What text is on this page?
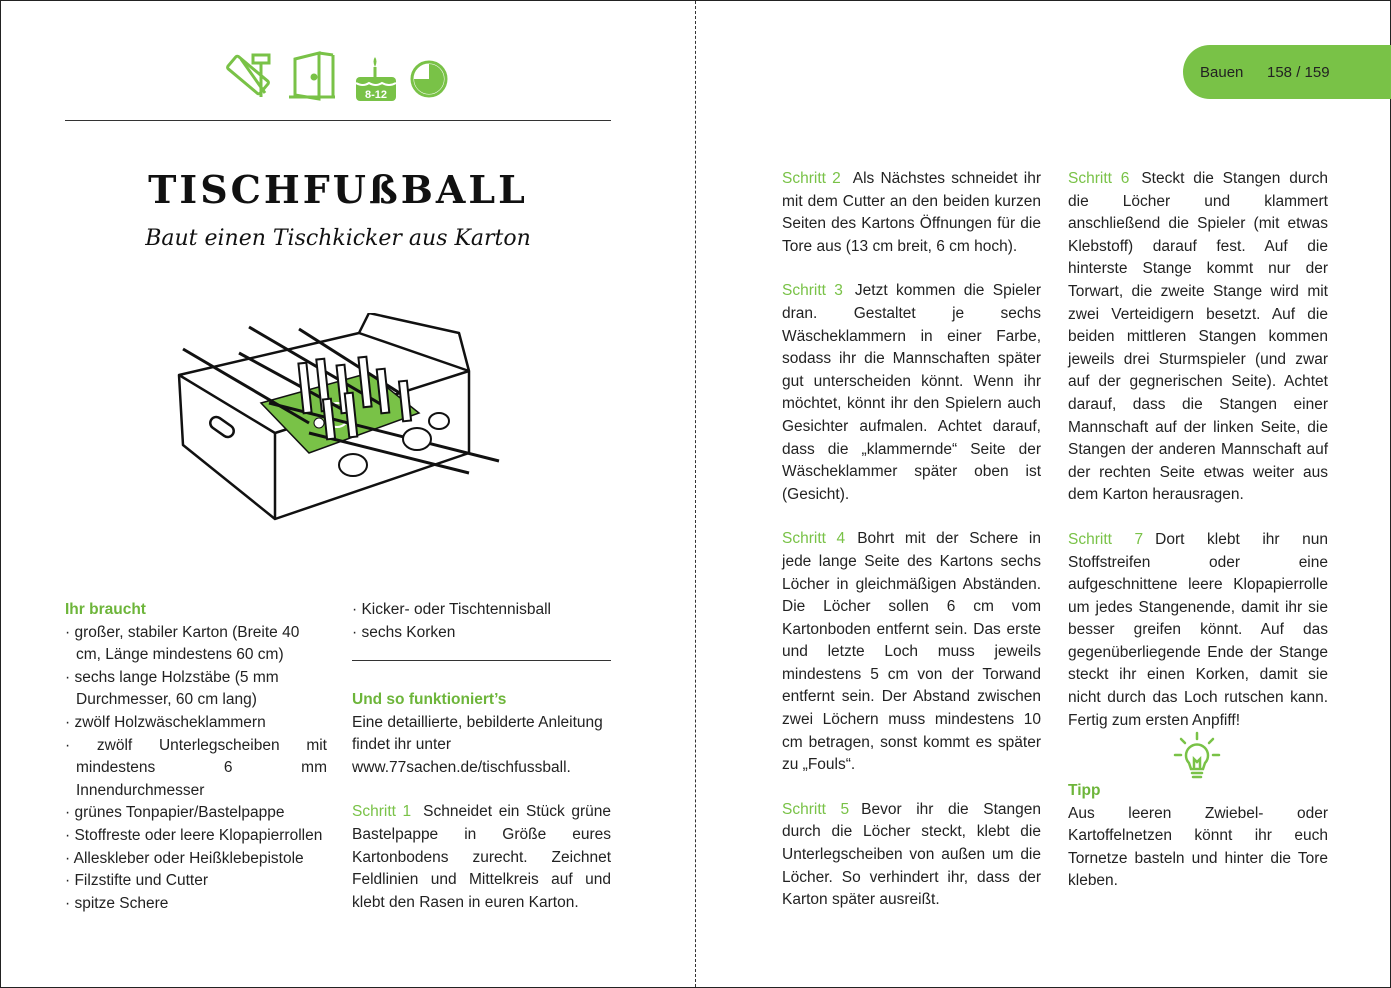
8-12
TISCHFUßBALL
Baut einen Tischkicker aus Karton

Ihr braucht

· großer, stabiler Karton (Breite 40 cm, Länge mindestens 60 cm)
· sechs lange Holzstäbe (5 mm Durchmesser, 60 cm lang)
· zwölf Holzwäscheklammern
· zwölf Unterlegscheiben mit mindestens 6 mm Innendurchmesser
· grünes Tonpapier/Bastelpappe
· Stoffreste oder leere Klopapierrollen
· Alleskleber oder Heißklebepistole
· Filzstifte und Cutter
· spitze Schere
· Kicker- oder Tischtennisball
· sechs Korken

Und so funktioniert’s

Eine detaillierte, bebilderte Anleitung findet ihr unter www.77sachen.de/tischfussball.

Schritt 1 Schneidet ein Stück grüne Bastelpappe in Größe eures Kartonbodens zurecht. Zeichnet Feldlinien und Mittelkreis auf und klebt den Rasen in euren Karton.

Bauen 158 / 159

Schritt 2 Als Nächstes schneidet ihr mit dem Cutter an den beiden kurzen Seiten des Kartons Öffnungen für die Tore aus (13 cm breit, 6 cm hoch).

Schritt 3 Jetzt kommen die Spieler dran. Gestaltet je sechs Wäscheklammern in einer Farbe, sodass ihr die Mannschaften später gut unterscheiden könnt. Wenn ihr möchtet, könnt ihr den Spielern auch Gesichter aufmalen. Achtet darauf, dass die „klammernde“ Seite der Wäscheklammer später oben ist (Gesicht).

Schritt 4 Bohrt mit der Schere in jede lange Seite des Kartons sechs Löcher in gleichmäßigen Abständen. Die Löcher sollen 6 cm vom Kartonboden entfernt sein. Das erste und letzte Loch muss jeweils mindestens 5 cm von der Torwand entfernt sein. Der Abstand zwischen zwei Löchern muss mindestens 10 cm betragen, sonst kommt es später zu „Fouls“.

Schritt 5 Bevor ihr die Stangen durch die Löcher steckt, klebt die Unterlegscheiben von außen um die Löcher. So verhindert ihr, dass der Karton später ausreißt.

Schritt 6 Steckt die Stangen durch die Löcher und klammert anschließend die Spieler (mit etwas Klebstoff) darauf fest. Auf die hinterste Stange kommt nur der Torwart, die zweite Stange wird mit zwei Verteidigern besetzt. Auf die beiden mittleren Stangen kommen jeweils drei Sturmspieler (und zwar auf der gegnerischen Seite). Achtet darauf, dass die Stangen einer Mannschaft auf der linken Seite, die Stangen der anderen Mannschaft auf der rechten Seite etwas weiter aus dem Karton herausragen.

Schritt 7 Dort klebt ihr nun Stoffstreifen oder eine aufgeschnittene leere Klopapierrolle um jedes Stangenende, damit ihr sie besser greifen könnt. Auf das gegenüberliegende Ende der Stange steckt ihr einen Korken, damit sie nicht durch das Loch rutschen kann. Fertig zum ersten Anpfiff!

Tipp

Aus leeren Zwiebel- oder Kartoffelnetzen könnt ihr euch Tornetze basteln und hinter die Tore kleben.
